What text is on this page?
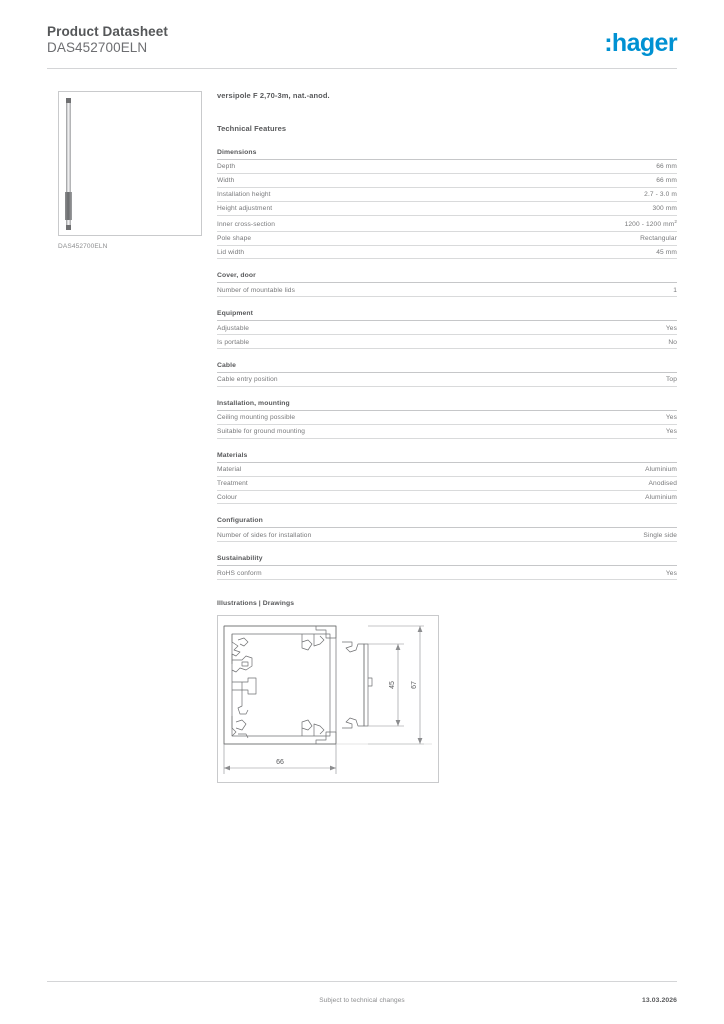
Product Datasheet
DAS452700ELN	:hager
DAS452700ELN
versipole F 2,70-3m, nat.-anod.
Technical Features
Dimensions
Depth	66 mm
Width	66 mm
Installation height	2.7 - 3.0 m
Height adjustment	300 mm
Inner cross-section	1200 - 1200 $mm^2$
Pole shape	Rectangular
Lid width	45 mm
Cover, door
Number of mountable lids	1
Equipment
Adjustable	Yes
Is portable	No
Cable
Cable entry position	Top
Installation, mounting
Ceiling mounting possible	Yes
Suitable for ground mounting	Yes
Materials
Material	Aluminium
Treatment	Anodised
Colour	Aluminium
Configuration
Number of sides for installation	Single side
Sustainability
RoHS conform	Yes
Illustrations | Drawings
45 67
66
Subject to technical changes	13.03.2026
